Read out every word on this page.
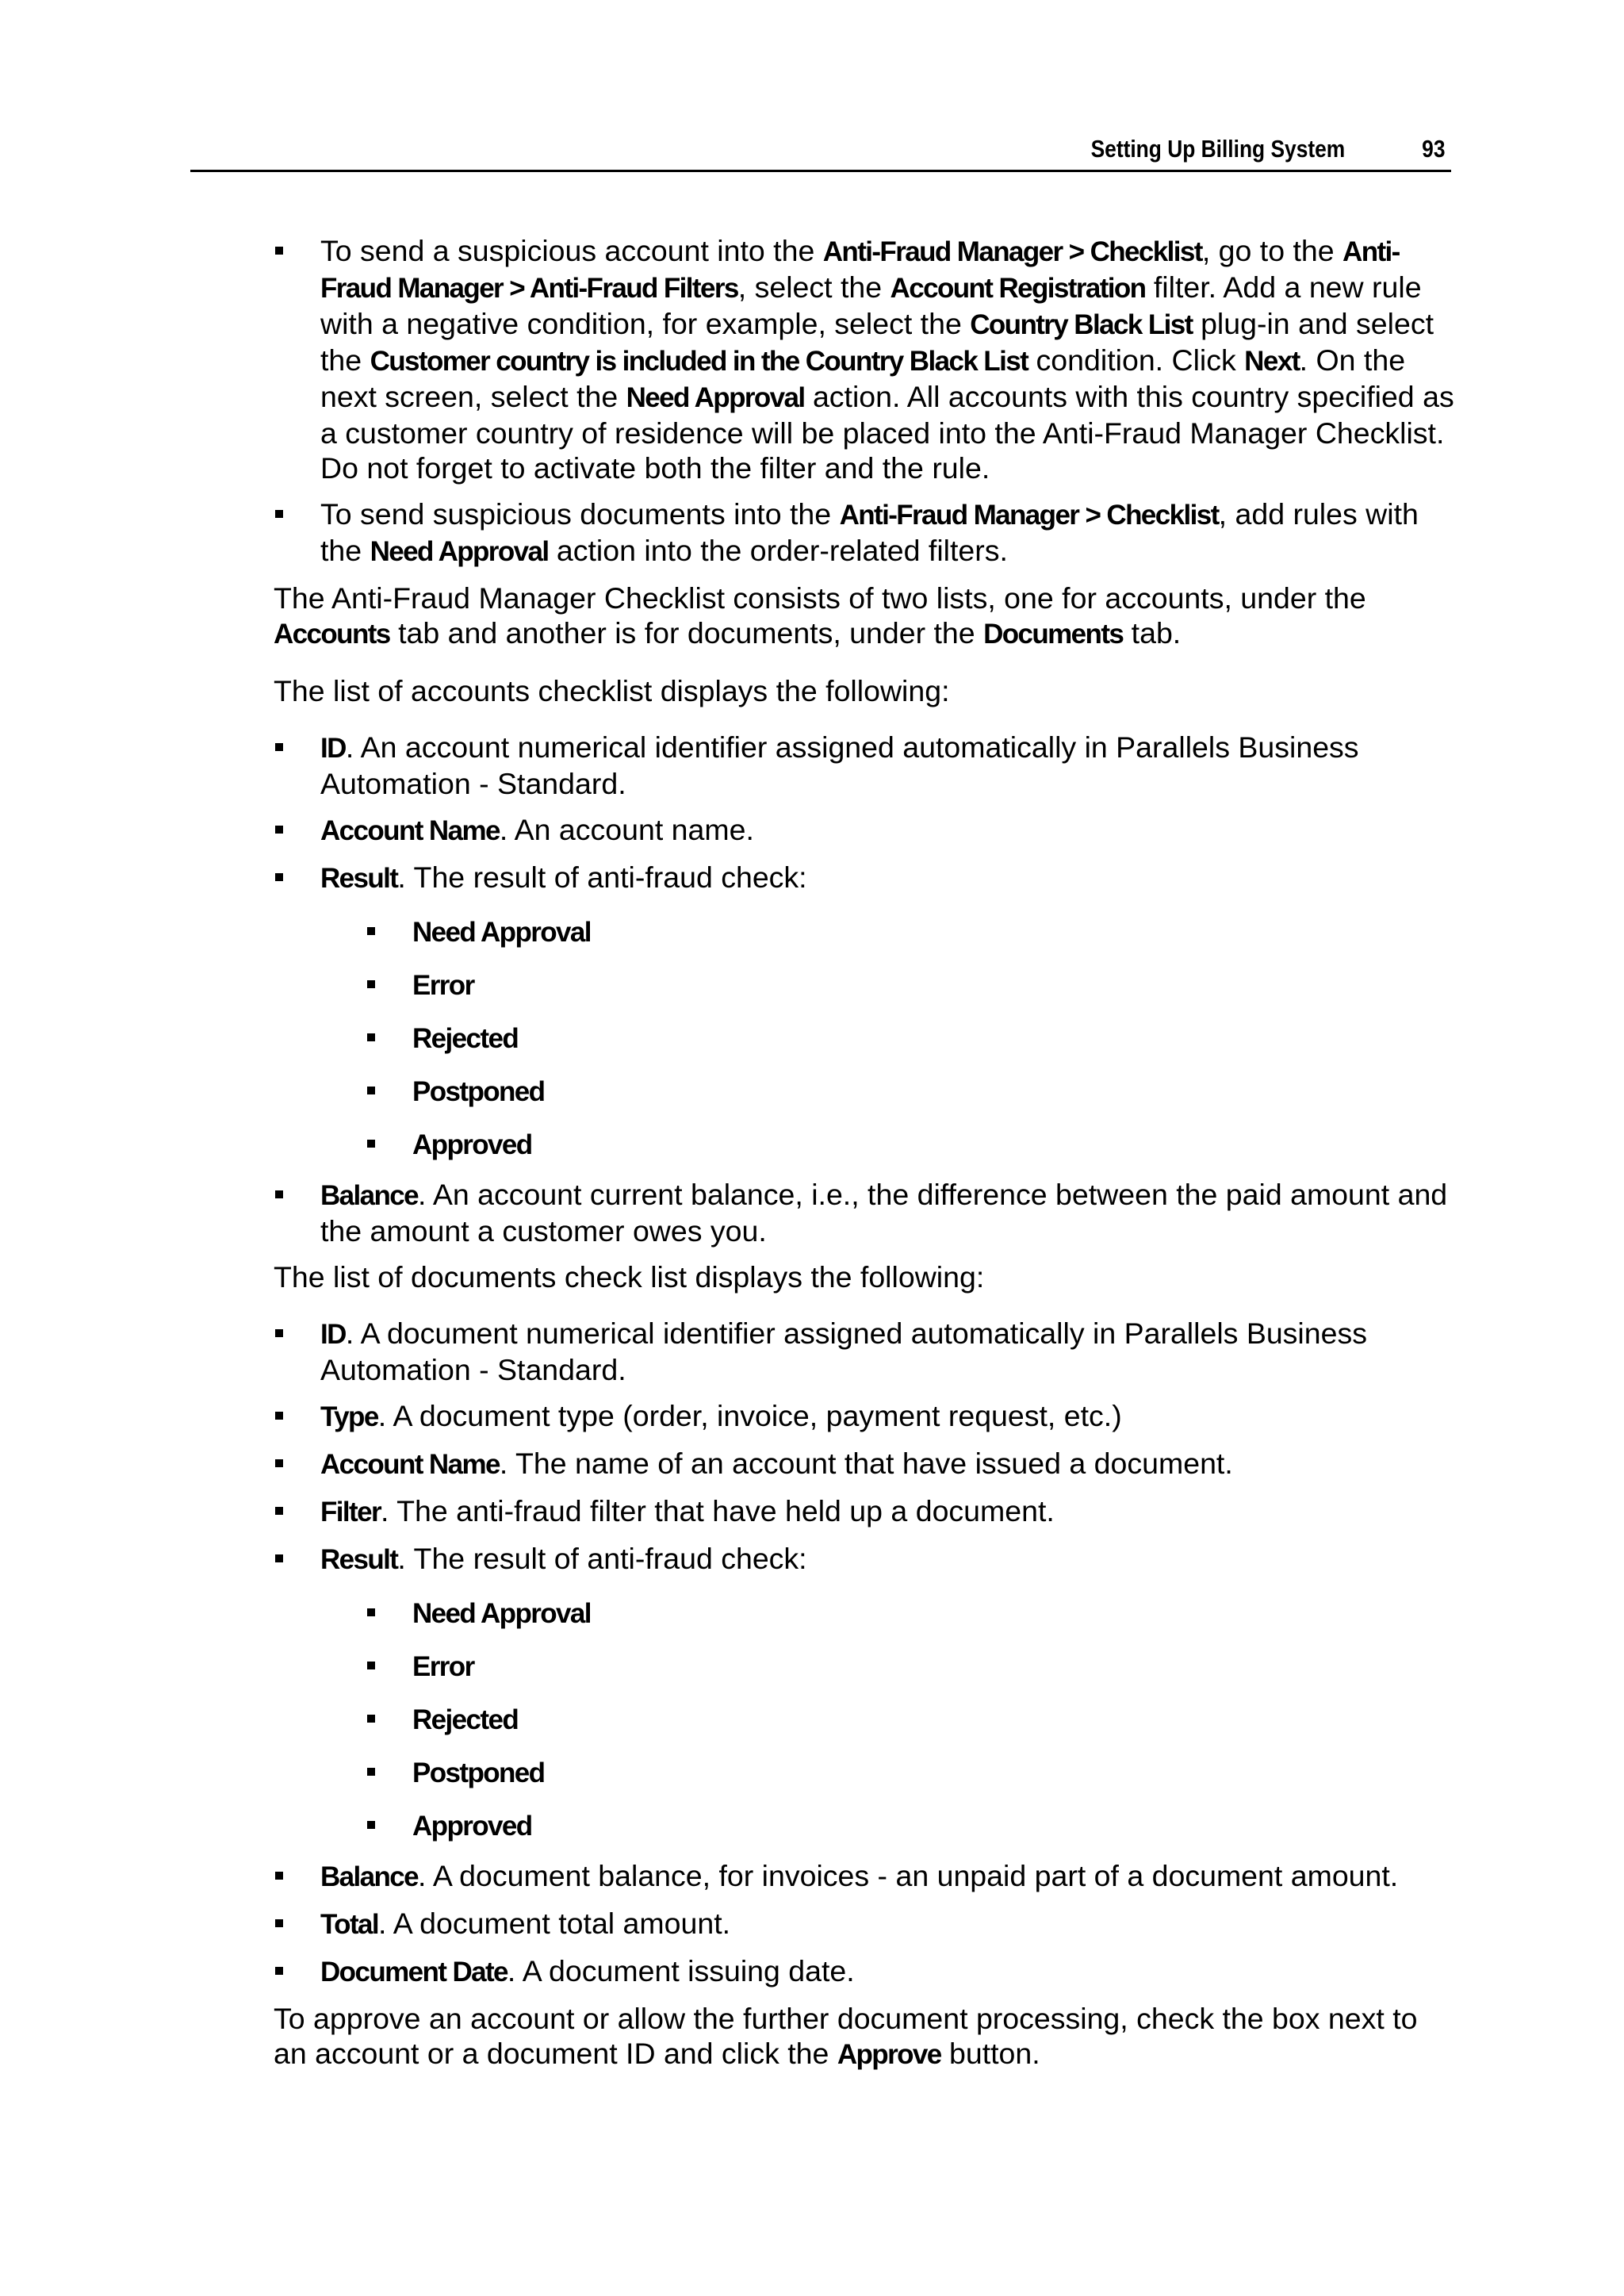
Setting Up Billing System	93
To send a suspicious account into the Anti-Fraud Manager > Checklist, go to the Anti-Fraud Manager > Anti-Fraud Filters, select the Account Registration filter. Add a new rule with a negative condition, for example, select the Country Black List plug-in and select the Customer country is included in the Country Black List condition. Click Next. On the next screen, select the Need Approval action. All accounts with this country specified as a customer country of residence will be placed into the Anti-Fraud Manager Checklist. Do not forget to activate both the filter and the rule.
To send suspicious documents into the Anti-Fraud Manager > Checklist, add rules with the Need Approval action into the order-related filters.

The Anti-Fraud Manager Checklist consists of two lists, one for accounts, under the Accounts tab and another is for documents, under the Documents tab.

The list of accounts checklist displays the following:

ID. An account numerical identifier assigned automatically in Parallels Business Automation - Standard.
Account Name. An account name.
Result. The result of anti-fraud check:
Need Approval
Error
Rejected
Postponed
Approved
Balance. An account current balance, i.e., the difference between the paid amount and the amount a customer owes you.

The list of documents check list displays the following:

ID. A document numerical identifier assigned automatically in Parallels Business Automation - Standard.
Type. A document type (order, invoice, payment request, etc.)
Account Name. The name of an account that have issued a document.
Filter. The anti-fraud filter that have held up a document.
Result. The result of anti-fraud check:
Need Approval
Error
Rejected
Postponed
Approved
Balance. A document balance, for invoices - an unpaid part of a document amount.
Total. A document total amount.
Document Date. A document issuing date.

To approve an account or allow the further document processing, check the box next to an account or a document ID and click the Approve button.
